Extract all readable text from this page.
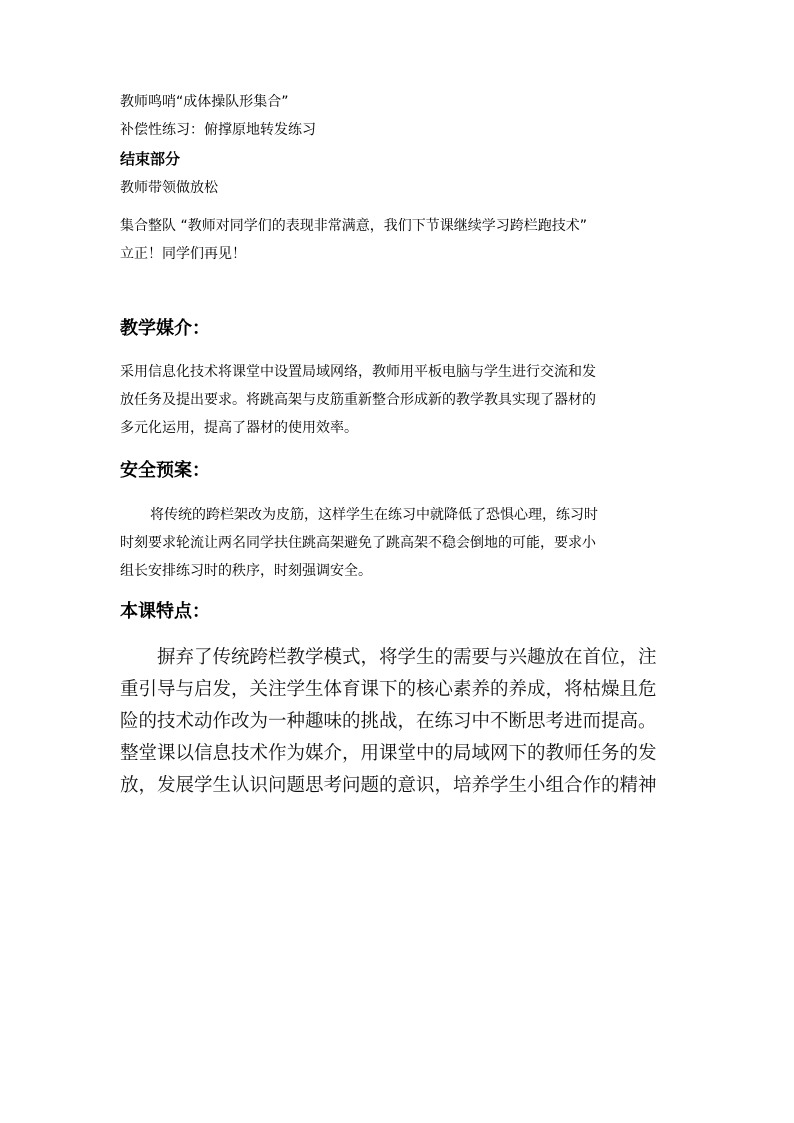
教师鸣哨“成体操队形集合”
补偿性练习：俯撑原地转发练习
结束部分
教师带领做放松
集合整队 “教师对同学们的表现非常满意，我们下节课继续学习跨栏跑技术”
立正！同学们再见！
教学媒介：
采用信息化技术将课堂中设置局域网络，教师用平板电脑与学生进行交流和发
放任务及提出要求。将跳高架与皮筋重新整合形成新的教学教具实现了器材的
多元化运用，提高了器材的使用效率。
安全预案：
将传统的跨栏架改为皮筋，这样学生在练习中就降低了恐惧心理，练习时
时刻要求轮流让两名同学扶住跳高架避免了跳高架不稳会倒地的可能，要求小
组长安排练习时的秩序，时刻强调安全。
本课特点：
摒弃了传统跨栏教学模式，将学生的需要与兴趣放在首位，注
重引导与启发，关注学生体育课下的核心素养的养成，将枯燥且危
险的技术动作改为一种趣味的挑战，在练习中不断思考进而提高。
整堂课以信息技术作为媒介，用课堂中的局域网下的教师任务的发
放，发展学生认识问题思考问题的意识，培养学生小组合作的精神
